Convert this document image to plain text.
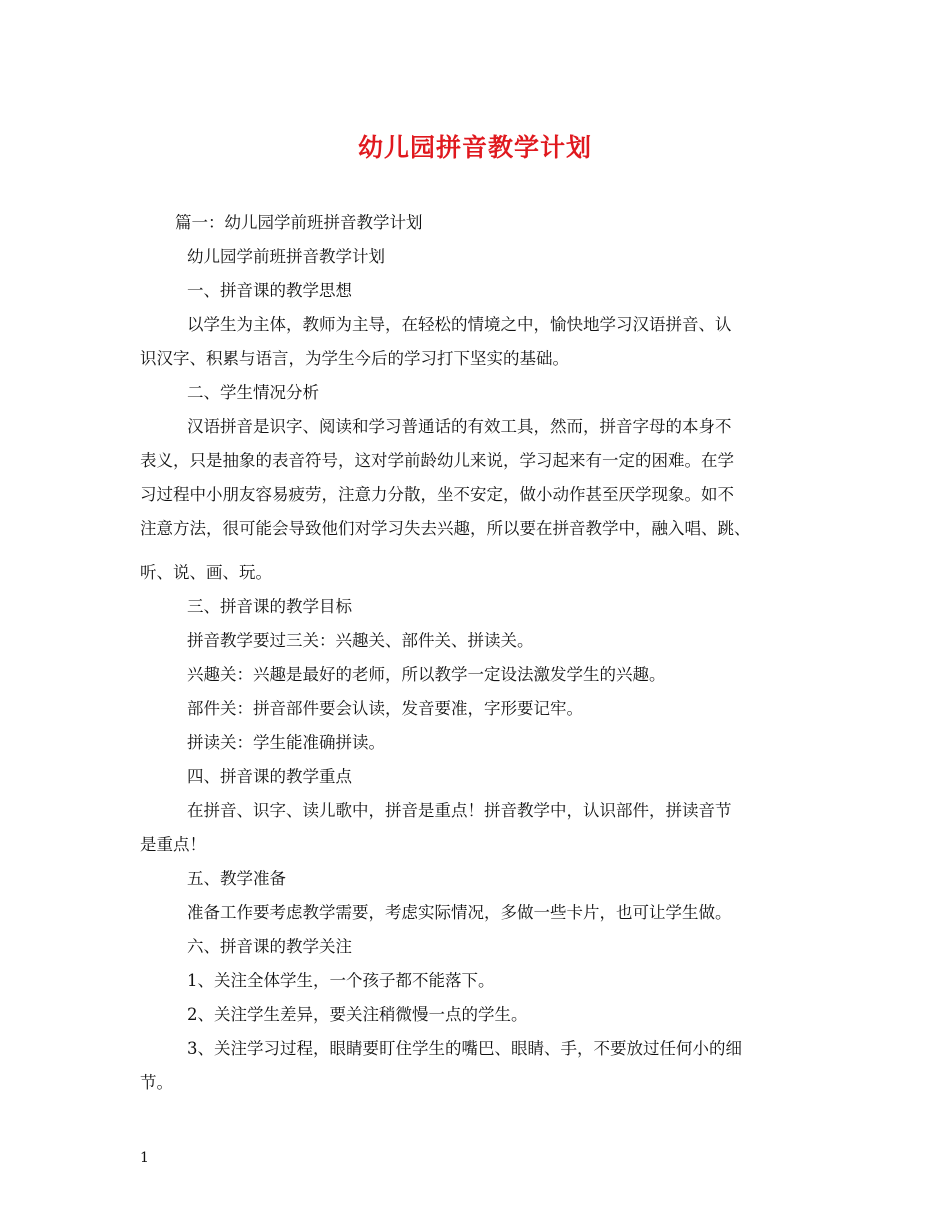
幼儿园拼音教学计划
篇一：幼儿园学前班拼音教学计划
幼儿园学前班拼音教学计划
一、拼音课的教学思想
以学生为主体，教师为主导，在轻松的情境之中，愉快地学习汉语拼音、认
识汉字、积累与语言，为学生今后的学习打下坚实的基础。
二、学生情况分析
汉语拼音是识字、阅读和学习普通话的有效工具，然而，拼音字母的本身不
表义，只是抽象的表音符号，这对学前龄幼儿来说，学习起来有一定的困难。在学
习过程中小朋友容易疲劳，注意力分散，坐不安定，做小动作甚至厌学现象。如不
注意方法，很可能会导致他们对学习失去兴趣，所以要在拼音教学中，融入唱、跳、
听、说、画、玩。
三、拼音课的教学目标
拼音教学要过三关：兴趣关、部件关、拼读关。
兴趣关：兴趣是最好的老师，所以教学一定设法激发学生的兴趣。
部件关：拼音部件要会认读，发音要准，字形要记牢。
拼读关：学生能准确拼读。
四、拼音课的教学重点
在拼音、识字、读儿歌中，拼音是重点！拼音教学中，认识部件，拼读音节
是重点！
五、教学准备
准备工作要考虑教学需要，考虑实际情况，多做一些卡片，也可让学生做。
六、拼音课的教学关注
1、关注全体学生，一个孩子都不能落下。
2、关注学生差异，要关注稍微慢一点的学生。
3、关注学习过程，眼睛要盯住学生的嘴巴、眼睛、手，不要放过任何小的细
节。
1
